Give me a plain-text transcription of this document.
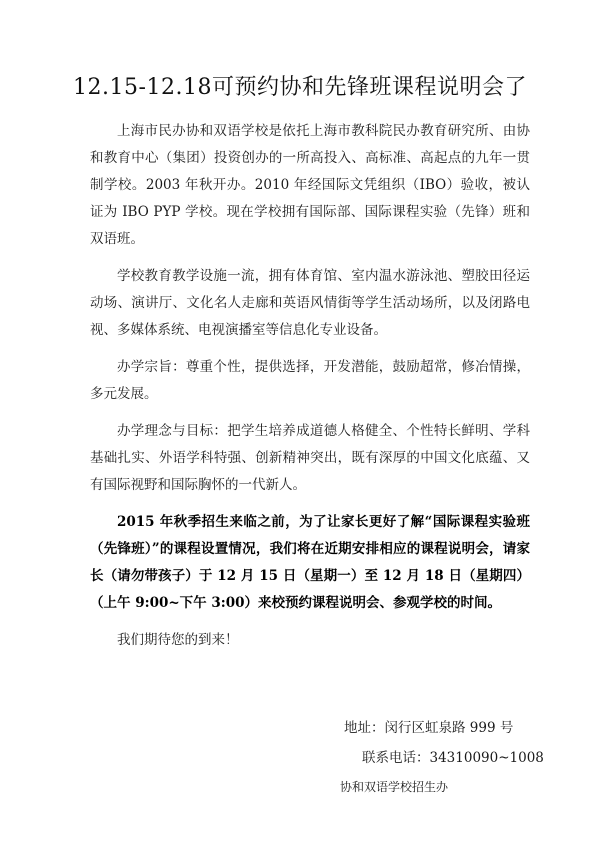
12.15-12.18可预约协和先锋班课程说明会了

上海市民办协和双语学校是依托上海市教科院民办教育研究所、由协和教育中心（集团）投资创办的一所高投入、高标准、高起点的九年一贯制学校。2003 年秋开办。2010 年经国际文凭组织（IBO）验收，被认证为 IBO PYP 学校。现在学校拥有国际部、国际课程实验（先锋）班和双语班。

学校教育教学设施一流，拥有体育馆、室内温水游泳池、塑胶田径运动场、演讲厅、文化名人走廊和英语风情街等学生活动场所，以及闭路电视、多媒体系统、电视演播室等信息化专业设备。

办学宗旨：尊重个性，提供选择，开发潜能，鼓励超常，修冶情操，多元发展。

办学理念与目标：把学生培养成道德人格健全、个性特长鲜明、学科基础扎实、外语学科特强、创新精神突出，既有深厚的中国文化底蕴、又有国际视野和国际胸怀的一代新人。

2015 年秋季招生来临之前，为了让家长更好了解“国际课程实验班（先锋班）”的课程设置情况，我们将在近期安排相应的课程说明会，请家长（请勿带孩子）于 12 月 15 日（星期一）至 12 月 18 日（星期四）（上午 9:00~下午 3:00）来校预约课程说明会、参观学校的时间。

我们期待您的到来！

地址：闵行区虹泉路 999 号
联系电话：34310090~1008
协和双语学校招生办
